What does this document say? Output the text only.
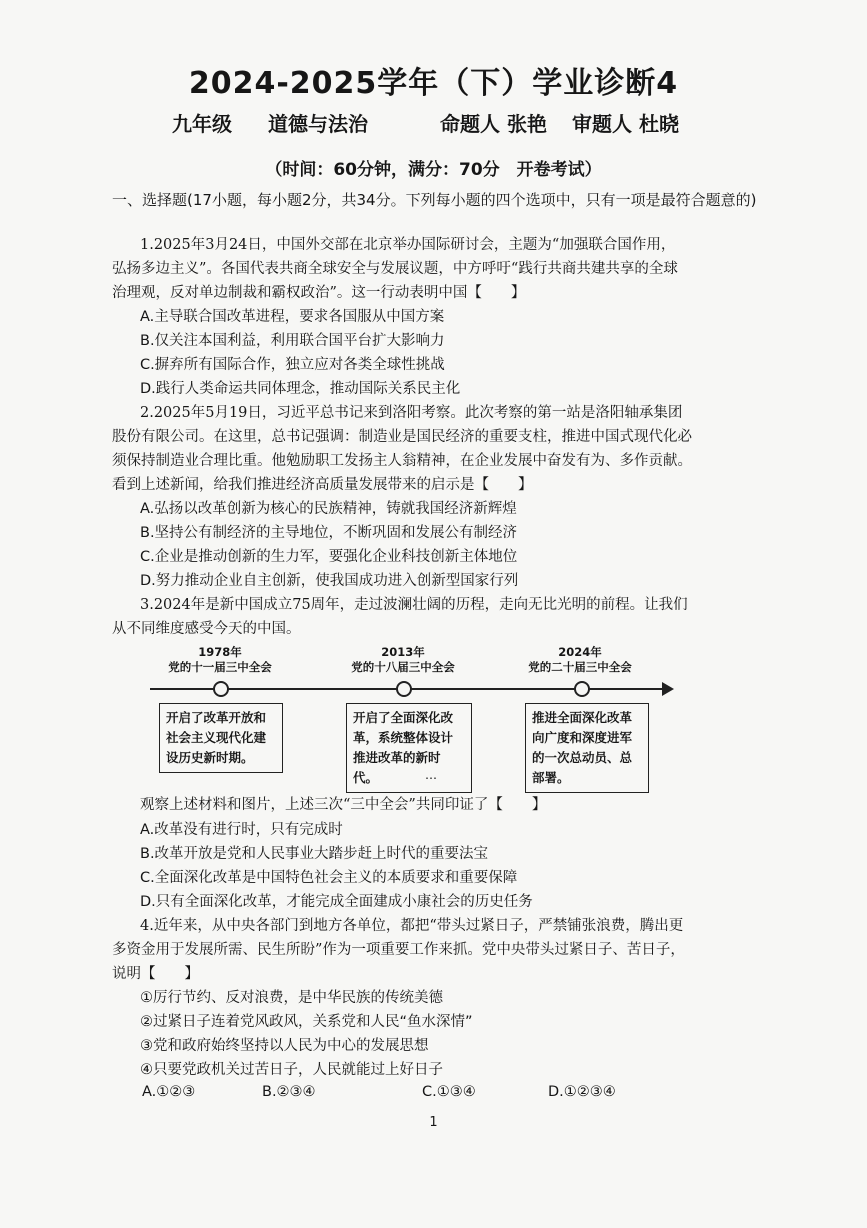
2024-2025学年（下）学业诊断4
九年级 道德与法治	命题人 张艳 审题人 杜晓
（时间：60分钟，满分：70分　开卷考试）
一、选择题(17小题，每小题2分，共34分。下列每小题的四个选项中，只有一项是最符合题意的)
1.2025年3月24日，中国外交部在北京举办国际研讨会，主题为“加强联合国作用，
弘扬多边主义”。各国代表共商全球安全与发展议题，中方呼吁“践行共商共建共享的全球
治理观，反对单边制裁和霸权政治”。这一行动表明中国【　　】
A.主导联合国改革进程，要求各国服从中国方案
B.仅关注本国利益，利用联合国平台扩大影响力
C.摒弃所有国际合作，独立应对各类全球性挑战
D.践行人类命运共同体理念，推动国际关系民主化
2.2025年5月19日，习近平总书记来到洛阳考察。此次考察的第一站是洛阳轴承集团
股份有限公司。在这里，总书记强调：制造业是国民经济的重要支柱，推进中国式现代化必
须保持制造业合理比重。他勉励职工发扬主人翁精神，在企业发展中奋发有为、多作贡献。
看到上述新闻，给我们推进经济高质量发展带来的启示是【　　】
A.弘扬以改革创新为核心的民族精神，铸就我国经济新辉煌
B.坚持公有制经济的主导地位，不断巩固和发展公有制经济
C.企业是推动创新的生力军，要强化企业科技创新主体地位
D.努力推动企业自主创新，使我国成功进入创新型国家行列
3.2024年是新中国成立75周年，走过波澜壮阔的历程，走向无比光明的前程。让我们
从不同维度感受今天的中国。
1978年
党的十一届三中全会
开启了改革开放和社会主义现代化建设历史新时期。
2013年
党的十八届三中全会
开启了全面深化改革，系统整体设计推进改革的新时代。
2024年
党的二十届三中全会
推进全面深化改革向广度和深度进军的一次总动员、总部署。
…
观察上述材料和图片，上述三次“三中全会”共同印证了【　　】
A.改革没有进行时，只有完成时
B.改革开放是党和人民事业大踏步赶上时代的重要法宝
C.全面深化改革是中国特色社会主义的本质要求和重要保障
D.只有全面深化改革，才能完成全面建成小康社会的历史任务
4.近年来，从中央各部门到地方各单位，都把“带头过紧日子，严禁铺张浪费，腾出更
多资金用于发展所需、民生所盼”作为一项重要工作来抓。党中央带头过紧日子、苦日子，
说明【　　】
①厉行节约、反对浪费，是中华民族的传统美德
②过紧日子连着党风政风，关系党和人民“鱼水深情”
③党和政府始终坚持以人民为中心的发展思想
④只要党政机关过苦日子，人民就能过上好日子
A.①②③	B.②③④	C.①③④	D.①②③④
1
